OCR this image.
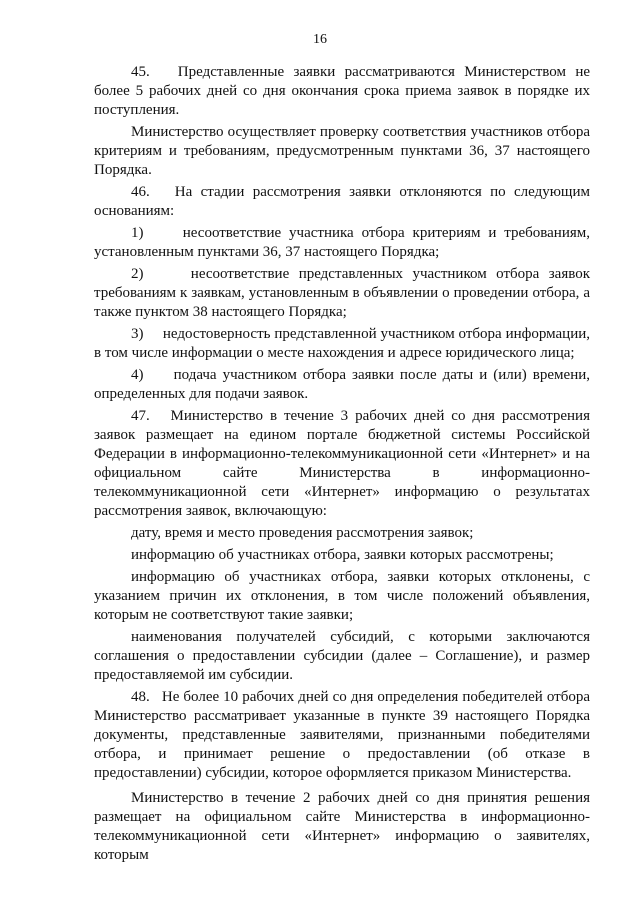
16

45.   Представленные заявки рассматриваются Министерством не более 5 рабочих дней со дня окончания срока приема заявок в порядке их поступления.

Министерство осуществляет проверку соответствия участников отбора критериям и требованиям, предусмотренным пунктами 36, 37 настоящего Порядка.

46.   На стадии рассмотрения заявки отклоняются по следующим основаниям:

1)     несоответствие участника отбора критериям и требованиям, установленным пунктами 36, 37 настоящего Порядка;

2)     несоответствие представленных участником отбора заявок требованиям к заявкам, установленным в объявлении о проведении отбора, а также пунктом 38 настоящего Порядка;

3)     недостоверность представленной участником отбора информации, в том числе информации о месте нахождения и адресе юридического лица;

4)     подача участником отбора заявки после даты и (или) времени, определенных для подачи заявок.

47.   Министерство в течение 3 рабочих дней со дня рассмотрения заявок размещает на едином портале бюджетной системы Российской Федерации в информационно-телекоммуникационной сети «Интернет» и на официальном сайте Министерства в информационно-телекоммуникационной сети «Интернет» информацию о результатах рассмотрения заявок, включающую:

дату, время и место проведения рассмотрения заявок;

информацию об участниках отбора, заявки которых рассмотрены;

информацию об участниках отбора, заявки которых отклонены, с указанием причин их отклонения, в том числе положений объявления, которым не соответствуют такие заявки;

наименования получателей субсидий, с которыми заключаются соглашения о предоставлении субсидии (далее – Соглашение), и размер предоставляемой им субсидии.

48.   Не более 10 рабочих дней со дня определения победителей отбора Министерство рассматривает указанные в пункте 39 настоящего Порядка документы, представленные заявителями, признанными победителями отбора, и принимает решение о предоставлении (об отказе в предоставлении) субсидии, которое оформляется приказом Министерства.

Министерство в течение 2 рабочих дней со дня принятия решения размещает на официальном сайте Министерства в информационно-телекоммуникационной сети «Интернет» информацию о заявителях, которым
